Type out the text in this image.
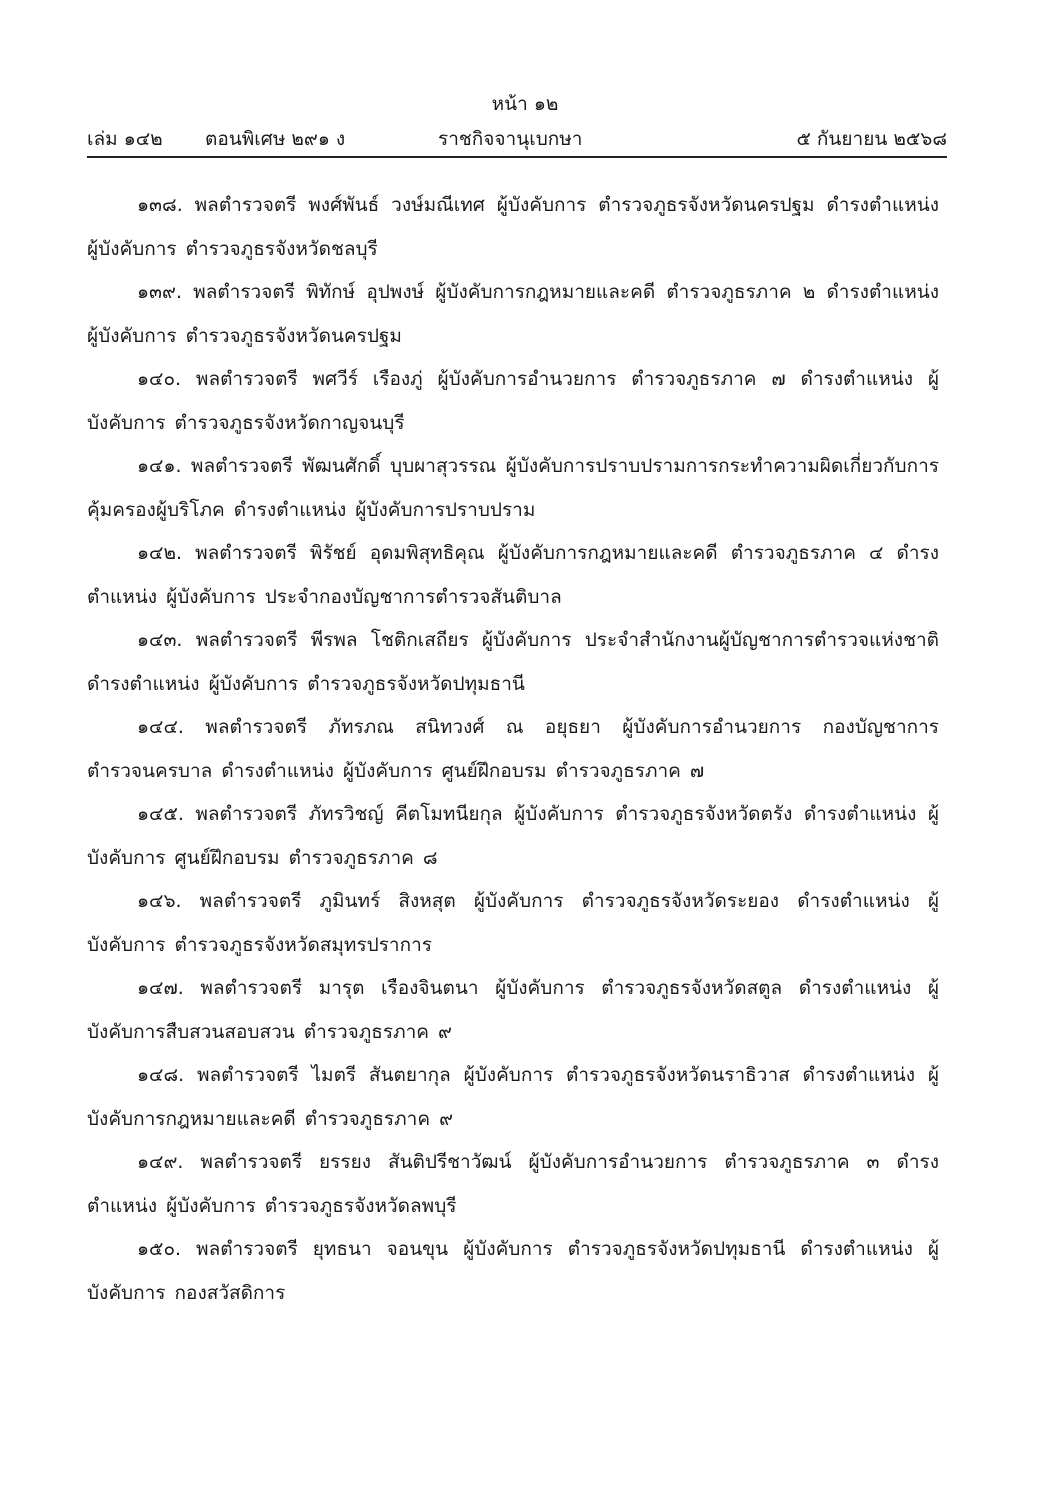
หน้า ๑๒
เล่ม ๑๔๒ ตอนพิเศษ ๒๙๑ ง	ราชกิจจานุเบกษา	๕ กันยายน ๒๕๖๘

๑๓๘. พลตำรวจตรี พงศ์พันธ์ วงษ์มณีเทศ ผู้บังคับการ ตำรวจภูธรจังหวัดนครปฐม ดำรงตำแหน่ง ผู้บังคับการ ตำรวจภูธรจังหวัดชลบุรี

๑๓๙. พลตำรวจตรี พิทักษ์ อุปพงษ์ ผู้บังคับการกฎหมายและคดี ตำรวจภูธรภาค ๒ ดำรงตำแหน่ง ผู้บังคับการ ตำรวจภูธรจังหวัดนครปฐม

๑๔๐. พลตำรวจตรี พศวีร์ เรืองภู่ ผู้บังคับการอำนวยการ ตำรวจภูธรภาค ๗ ดำรงตำแหน่ง ผู้บังคับการ ตำรวจภูธรจังหวัดกาญจนบุรี

๑๔๑. พลตำรวจตรี พัฒนศักดิ์ บุบผาสุวรรณ ผู้บังคับการปราบปรามการกระทำความผิดเกี่ยวกับการคุ้มครองผู้บริโภค ดำรงตำแหน่ง ผู้บังคับการปราบปราม

๑๔๒. พลตำรวจตรี พิรัชย์ อุดมพิสุทธิคุณ ผู้บังคับการกฎหมายและคดี ตำรวจภูธรภาค ๔ ดำรงตำแหน่ง ผู้บังคับการ ประจำกองบัญชาการตำรวจสันติบาล

๑๔๓. พลตำรวจตรี พีรพล โชติกเสถียร ผู้บังคับการ ประจำสำนักงานผู้บัญชาการตำรวจแห่งชาติ ดำรงตำแหน่ง ผู้บังคับการ ตำรวจภูธรจังหวัดปทุมธานี

๑๔๔. พลตำรวจตรี ภัทรภณ สนิทวงศ์ ณ อยุธยา ผู้บังคับการอำนวยการ กองบัญชาการตำรวจนครบาล ดำรงตำแหน่ง ผู้บังคับการ ศูนย์ฝึกอบรม ตำรวจภูธรภาค ๗

๑๔๕. พลตำรวจตรี ภัทรวิชญ์ คีตโมทนียกุล ผู้บังคับการ ตำรวจภูธรจังหวัดตรัง ดำรงตำแหน่ง ผู้บังคับการ ศูนย์ฝึกอบรม ตำรวจภูธรภาค ๘

๑๔๖. พลตำรวจตรี ภูมินทร์ สิงหสุต ผู้บังคับการ ตำรวจภูธรจังหวัดระยอง ดำรงตำแหน่ง ผู้บังคับการ ตำรวจภูธรจังหวัดสมุทรปราการ

๑๔๗. พลตำรวจตรี มารุต เรืองจินตนา ผู้บังคับการ ตำรวจภูธรจังหวัดสตูล ดำรงตำแหน่ง ผู้บังคับการสืบสวนสอบสวน ตำรวจภูธรภาค ๙

๑๔๘. พลตำรวจตรี ไมตรี สันตยากุล ผู้บังคับการ ตำรวจภูธรจังหวัดนราธิวาส ดำรงตำแหน่ง ผู้บังคับการกฎหมายและคดี ตำรวจภูธรภาค ๙

๑๔๙. พลตำรวจตรี ยรรยง สันติปรีชาวัฒน์ ผู้บังคับการอำนวยการ ตำรวจภูธรภาค ๓ ดำรงตำแหน่ง ผู้บังคับการ ตำรวจภูธรจังหวัดลพบุรี

๑๕๐. พลตำรวจตรี ยุทธนา จอนขุน ผู้บังคับการ ตำรวจภูธรจังหวัดปทุมธานี ดำรงตำแหน่ง ผู้บังคับการ กองสวัสดิการ
